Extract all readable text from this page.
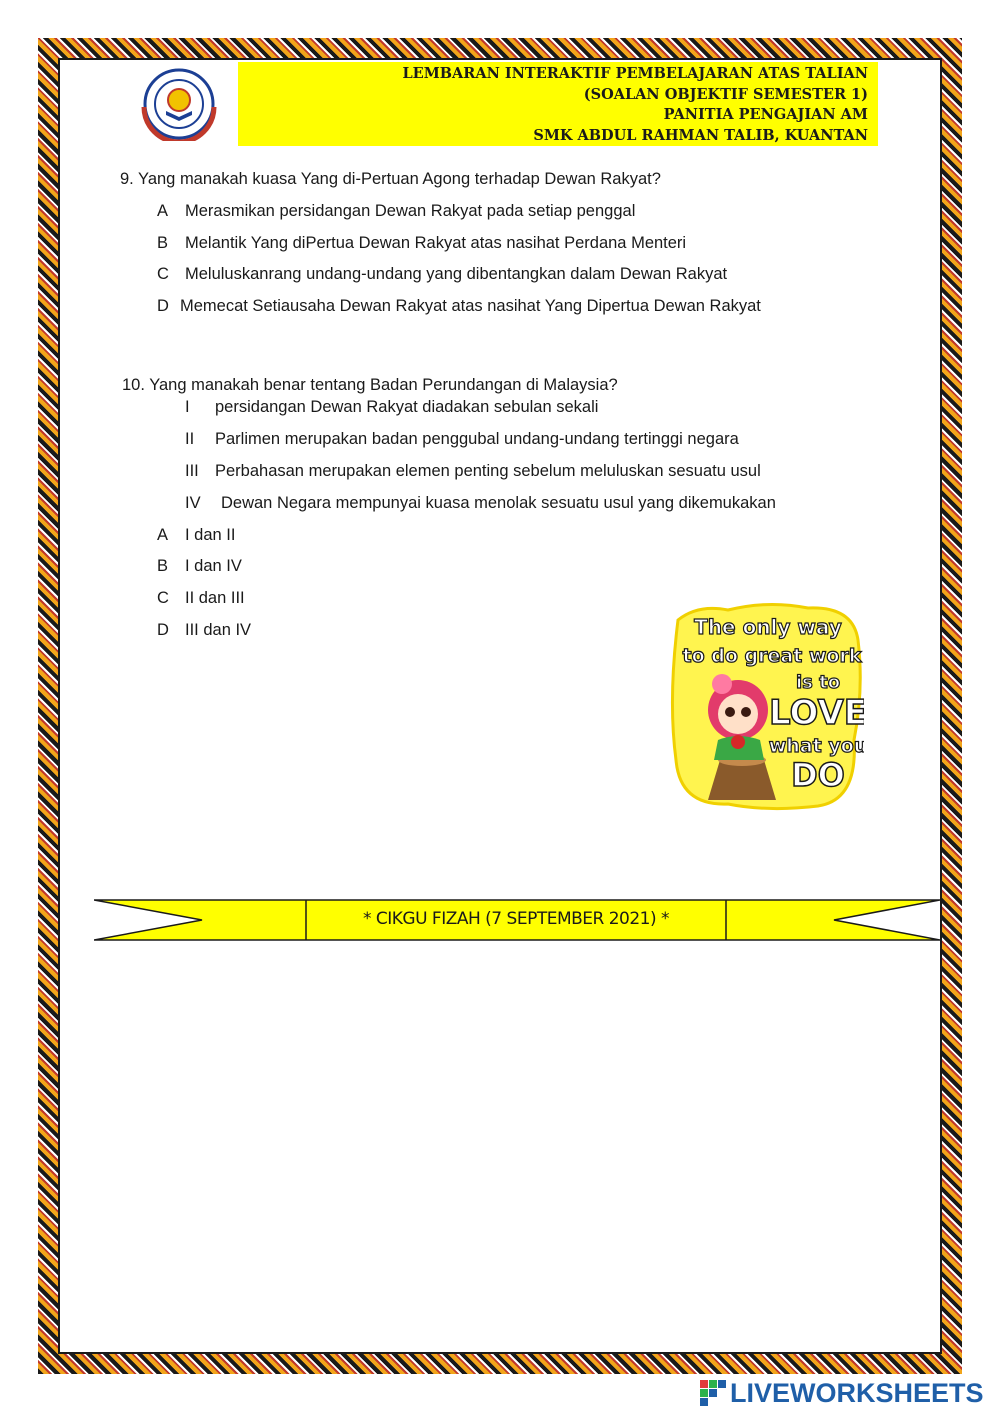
LEMBARAN INTERAKTIF PEMBELAJARAN ATAS TALIAN
(SOALAN OBJEKTIF SEMESTER 1)
PANITIA PENGAJIAN AM
SMK ABDUL RAHMAN TALIB, KUANTAN
9. Yang manakah kuasa Yang di-Pertuan Agong terhadap Dewan Rakyat?
A Merasmikan persidangan Dewan Rakyat pada setiap penggal
B Melantik Yang diPertua Dewan Rakyat atas nasihat Perdana Menteri
C Meluluskanrang undang-undang yang dibentangkan dalam Dewan Rakyat
D Memecat Setiausaha Dewan Rakyat atas nasihat Yang Dipertua Dewan Rakyat
10. Yang manakah benar tentang Badan Perundangan di Malaysia?
I persidangan Dewan Rakyat diadakan sebulan sekali
II Parlimen merupakan badan penggubal undang-undang tertinggi negara
III Perbahasan merupakan elemen penting sebelum meluluskan sesuatu usul
IV Dewan Negara mempunyai kuasa menolak sesuatu usul yang dikemukakan
A I dan II
B I dan IV
C II dan III
D III dan IV	The only way
to do great work
is to
LOVE
what you
DO
* CIKGU FIZAH (7 SEPTEMBER 2021) *
LIVEWORKSHEETS
